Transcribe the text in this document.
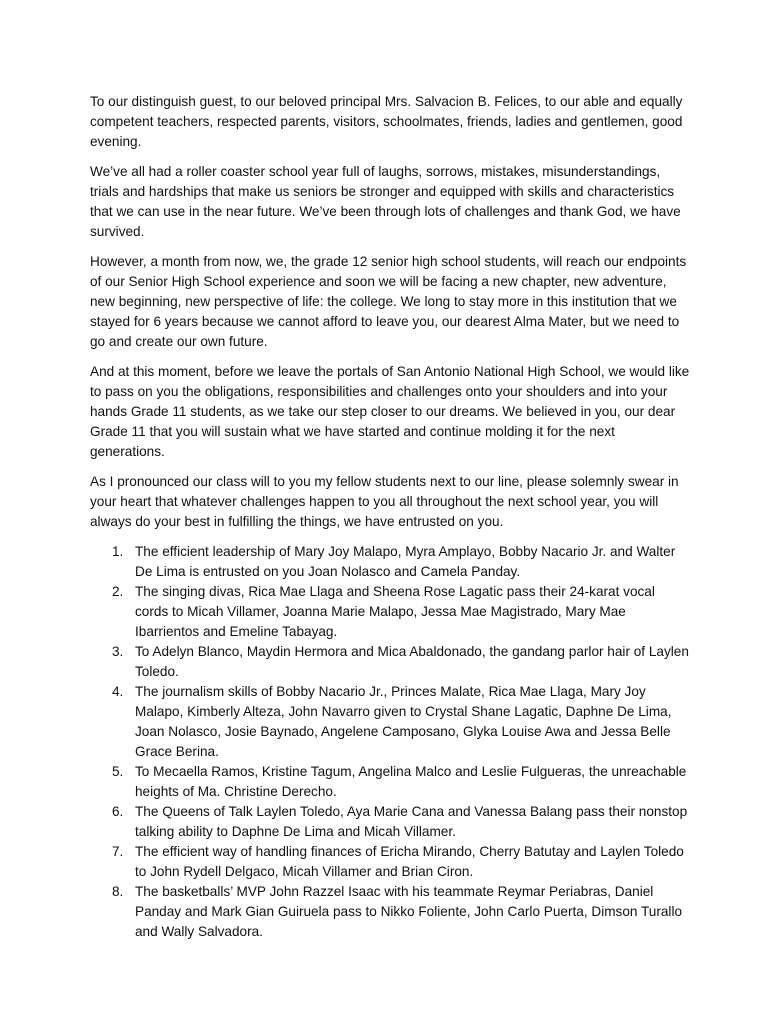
To our distinguish guest, to our beloved principal Mrs. Salvacion B. Felices, to our able and equally competent teachers, respected parents, visitors, schoolmates, friends, ladies and gentlemen, good evening.

We’ve all had a roller coaster school year full of laughs, sorrows, mistakes, misunderstandings, trials and hardships that make us seniors be stronger and equipped with skills and characteristics that we can use in the near future. We’ve been through lots of challenges and thank God, we have survived.

However, a month from now, we, the grade 12 senior high school students, will reach our endpoints of our Senior High School experience and soon we will be facing a new chapter, new adventure, new beginning, new perspective of life: the college. We long to stay more in this institution that we stayed for 6 years because we cannot afford to leave you, our dearest Alma Mater, but we need to go and create our own future.

And at this moment, before we leave the portals of San Antonio National High School, we would like to pass on you the obligations, responsibilities and challenges onto your shoulders and into your hands Grade 11 students, as we take our step closer to our dreams. We believed in you, our dear Grade 11 that you will sustain what we have started and continue molding it for the next generations.

As I pronounced our class will to you my fellow students next to our line, please solemnly swear in your heart that whatever challenges happen to you all throughout the next school year, you will always do your best in fulfilling the things, we have entrusted on you.

1. The efficient leadership of Mary Joy Malapo, Myra Amplayo, Bobby Nacario Jr. and Walter De Lima is entrusted on you Joan Nolasco and Camela Panday.
2. The singing divas, Rica Mae Llaga and Sheena Rose Lagatic pass their 24-karat vocal cords to Micah Villamer, Joanna Marie Malapo, Jessa Mae Magistrado, Mary Mae Ibarrientos and Emeline Tabayag.
3. To Adelyn Blanco, Maydin Hermora and Mica Abaldonado, the gandang parlor hair of Laylen Toledo.
4. The journalism skills of Bobby Nacario Jr., Princes Malate, Rica Mae Llaga, Mary Joy Malapo, Kimberly Alteza, John Navarro given to Crystal Shane Lagatic, Daphne De Lima, Joan Nolasco, Josie Baynado, Angelene Camposano, Glyka Louise Awa and Jessa Belle Grace Berina.
5. To Mecaella Ramos, Kristine Tagum, Angelina Malco and Leslie Fulgueras, the unreachable heights of Ma. Christine Derecho.
6. The Queens of Talk Laylen Toledo, Aya Marie Cana and Vanessa Balang pass their nonstop talking ability to Daphne De Lima and Micah Villamer.
7. The efficient way of handling finances of Ericha Mirando, Cherry Batutay and Laylen Toledo to John Rydell Delgaco, Micah Villamer and Brian Ciron.
8. The basketballs’ MVP John Razzel Isaac with his teammate Reymar Periabras, Daniel Panday and Mark Gian Guiruela pass to Nikko Foliente, John Carlo Puerta, Dimson Turallo and Wally Salvadora.
